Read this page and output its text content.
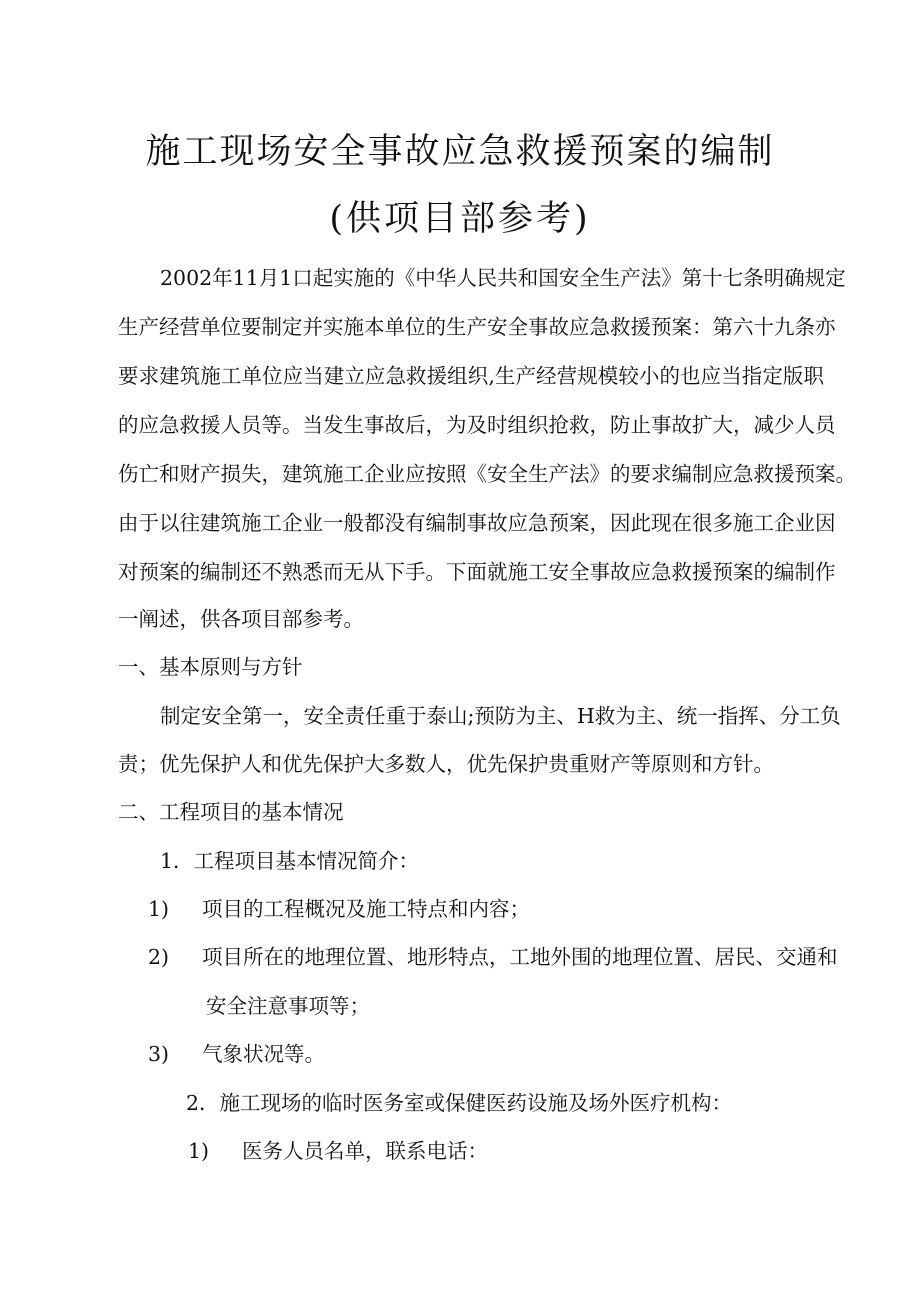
施工现场安全事故应急救援预案的编制
(供项目部参考)
2002年11月1口起实施的《中华人民共和国安全生产法》第十七条明确规定
生产经营单位要制定并实施本单位的生产安全事故应急救援预案：第六十九条亦
要求建筑施工单位应当建立应急救援组织,生产经营规模较小的也应当指定版职
的应急救援人员等。当发生事故后，为及时组织抢救，防止事故扩大，减少人员
伤亡和财产损失，建筑施工企业应按照《安全生产法》的要求编制应急救援预案。
由于以往建筑施工企业一般都没有编制事故应急预案，因此现在很多施工企业因
对预案的编制还不熟悉而无从下手。下面就施工安全事故应急救援预案的编制作
一阐述，供各项目部参考。
一、基本原则与方针
制定安全第一，安全责任重于泰山;预防为主、H救为主、统一指挥、分工负
责；优先保护人和优先保护大多数人，优先保护贵重财产等原则和方针。
二、工程项目的基本情况
1．工程项目基本情况简介：
1)	项目的工程概况及施工特点和内容；
2)	项目所在的地理位置、地形特点，工地外围的地理位置、居民、交通和
安全注意事项等；
3)	气象状况等。
2．施工现场的临时医务室或保健医药设施及场外医疗机构：
1)	医务人员名单，联系电话：
